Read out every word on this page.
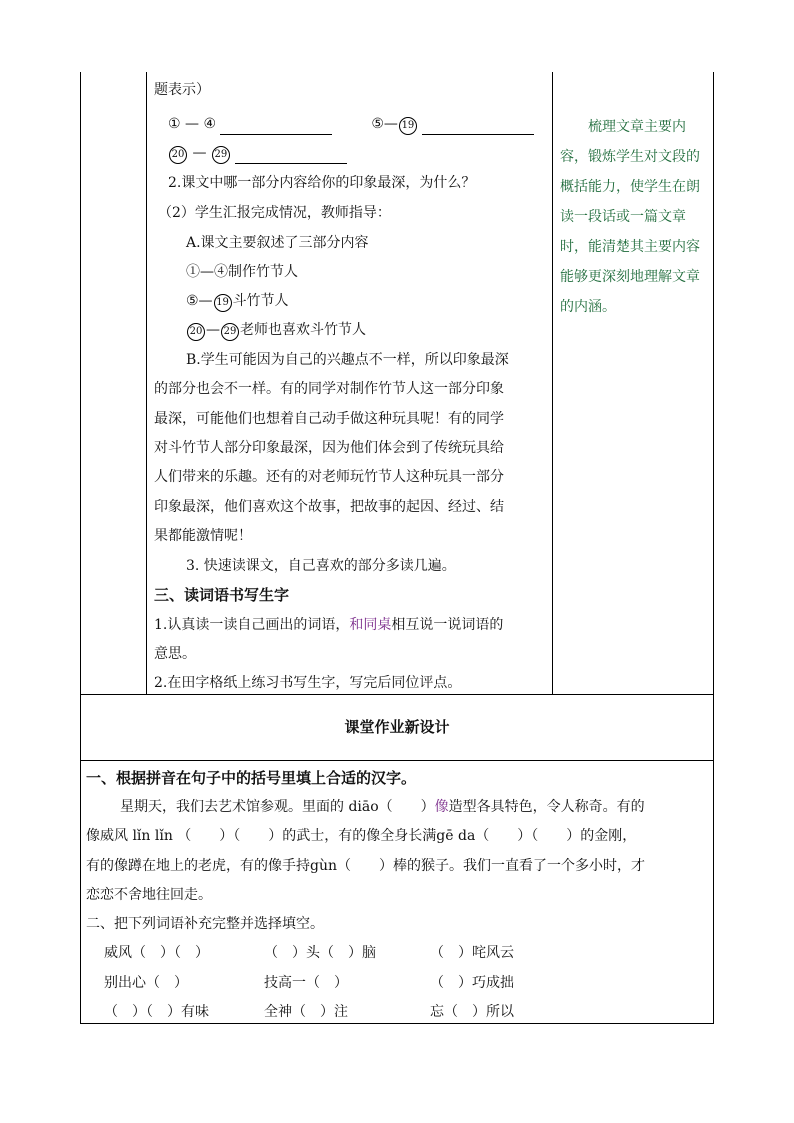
题表示）
① — ④	⑤— 19
20 — 29
2.课文中哪一部分内容给你的印象最深，为什么？
（2）学生汇报完成情况，教师指导：
A.课文主要叙述了三部分内容
①—④制作竹节人
⑤— 19 斗竹节人
20 — 29 老师也喜欢斗竹节人
B.学生可能因为自己的兴趣点不一样，所以印象最深
的部分也会不一样。有的同学对制作竹节人这一部分印象
最深，可能他们也想着自己动手做这种玩具呢！有的同学
对斗竹节人部分印象最深，因为他们体会到了传统玩具给
人们带来的乐趣。还有的对老师玩竹节人这种玩具一部分
印象最深，他们喜欢这个故事，把故事的起因、经过、结
果都能激情呢！
3. 快速读课文，自己喜欢的部分多读几遍。
三、读词语书写生字
1.认真读一读自己画出的词语，和同桌相互说一说词语的
意思。
2.在田字格纸上练习书写生字，写完后同位评点。
梳理文章主要内容，锻炼学生对文段的概括能力，使学生在朗读一段话或一篇文章时，能清楚其主要内容能够更深刻地理解文章的内涵。
课堂作业新设计
一、根据拼音在句子中的括号里填上合适的汉字。
星期天，我们去艺术馆参观。里面的 diāo（　　）像造型各具特色，令人称奇。有的
像威风 lǐn lǐn （　　）（　　）的武士，有的像全身长满gē da（　　）（　　）的金刚，
有的像蹲在地上的老虎，有的像手持gùn（　　）棒的猴子。我们一直看了一个多小时，才
恋恋不舍地往回走。
二、把下列词语补充完整并选择填空。
威风（　）（　）	（　）头（　）脑	（　）咤风云
别出心（　）	技高一（　）	（　）巧成拙
（　）（　）有味	全神（　）注	忘（　）所以
